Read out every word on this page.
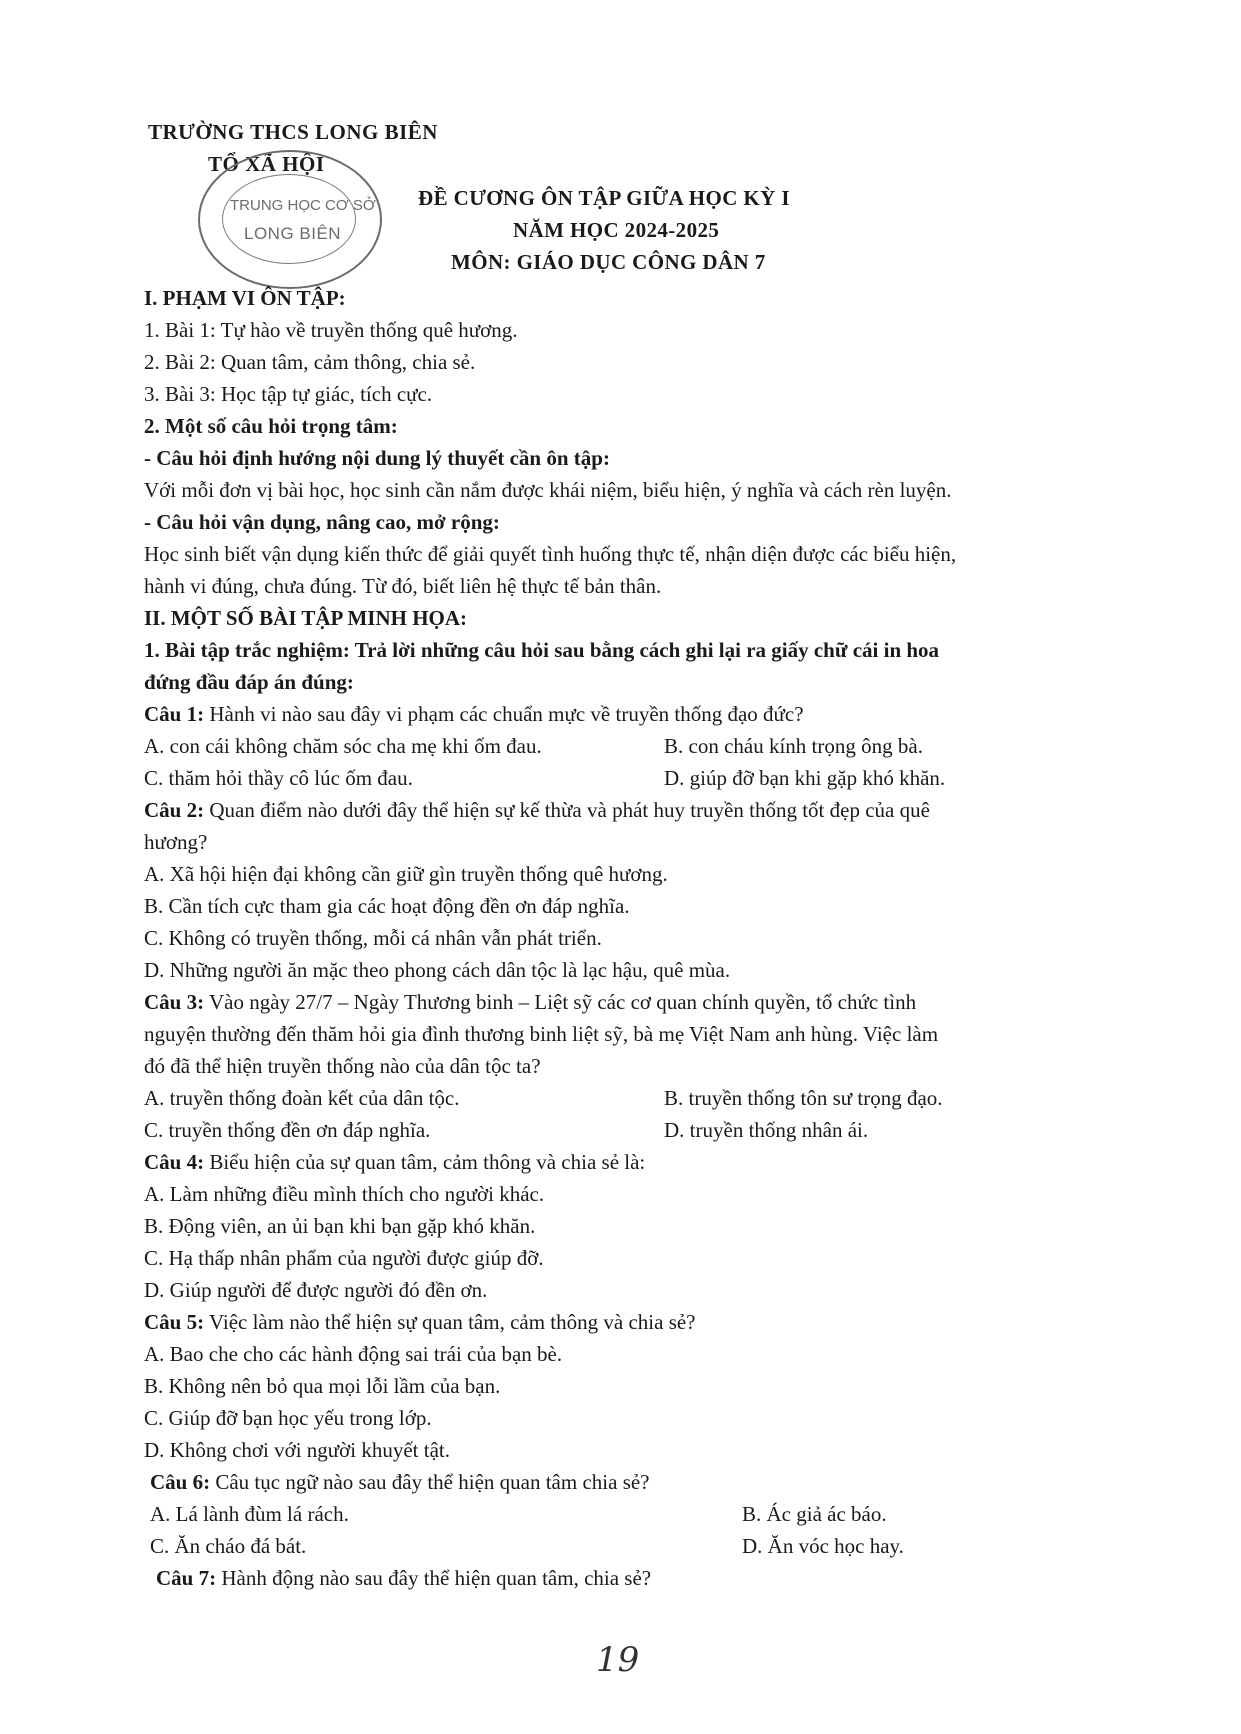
TRƯỜNG THCS LONG BIÊN
TỔ XÃ HỘI
TRUNG HỌC CƠ SỞ
LONG BIÊN
ĐỀ CƯƠNG ÔN TẬP GIỮA HỌC KỲ I
NĂM HỌC 2024-2025
MÔN: GIÁO DỤC CÔNG DÂN 7
I. PHẠM VI ÔN TẬP:
1. Bài 1: Tự hào về truyền thống quê hương.
2. Bài 2: Quan tâm, cảm thông, chia sẻ.
3. Bài 3: Học tập tự giác, tích cực.
2. Một số câu hỏi trọng tâm:
- Câu hỏi định hướng nội dung lý thuyết cần ôn tập:
Với mỗi đơn vị bài học, học sinh cần nắm được khái niệm, biểu hiện, ý nghĩa và cách rèn luyện.
- Câu hỏi vận dụng, nâng cao, mở rộng:
Học sinh biết vận dụng kiến thức để giải quyết tình huống thực tế, nhận diện được các biểu hiện,
hành vi đúng, chưa đúng. Từ đó, biết liên hệ thực tế bản thân.
II. MỘT SỐ BÀI TẬP MINH HỌA:
1. Bài tập trắc nghiệm: Trả lời những câu hỏi sau bằng cách ghi lại ra giấy chữ cái in hoa
đứng đầu đáp án đúng:
Câu 1: Hành vi nào sau đây vi phạm các chuẩn mực về truyền thống đạo đức?
A. con cái không chăm sóc cha mẹ khi ốm đau.	B. con cháu kính trọng ông bà.
C. thăm hỏi thầy cô lúc ốm đau.	D. giúp đỡ bạn khi gặp khó khăn.
Câu 2: Quan điểm nào dưới đây thể hiện sự kế thừa và phát huy truyền thống tốt đẹp của quê
hương?
A. Xã hội hiện đại không cần giữ gìn truyền thống quê hương.
B. Cần tích cực tham gia các hoạt động đền ơn đáp nghĩa.
C. Không có truyền thống, mỗi cá nhân vẫn phát triển.
D. Những người ăn mặc theo phong cách dân tộc là lạc hậu, quê mùa.
Câu 3: Vào ngày 27/7 – Ngày Thương binh – Liệt sỹ các cơ quan chính quyền, tổ chức tình
nguyện thường đến thăm hỏi gia đình thương binh liệt sỹ, bà mẹ Việt Nam anh hùng. Việc làm
đó đã thể hiện truyền thống nào của dân tộc ta?
A. truyền thống đoàn kết của dân tộc.	B. truyền thống tôn sư trọng đạo.
C. truyền thống đền ơn đáp nghĩa.	D. truyền thống nhân ái.
Câu 4: Biểu hiện của sự quan tâm, cảm thông và chia sẻ là:
A. Làm những điều mình thích cho người khác.
B. Động viên, an ủi bạn khi bạn gặp khó khăn.
C. Hạ thấp nhân phẩm của người được giúp đỡ.
D. Giúp người để được người đó đền ơn.
Câu 5: Việc làm nào thể hiện sự quan tâm, cảm thông và chia sẻ?
A. Bao che cho các hành động sai trái của bạn bè.
B. Không nên bỏ qua mọi lỗi lầm của bạn.
C. Giúp đỡ bạn học yếu trong lớp.
D. Không chơi với người khuyết tật.
Câu 6: Câu tục ngữ nào sau đây thể hiện quan tâm chia sẻ?
A. Lá lành đùm lá rách.	B. Ác giả ác báo.
C. Ăn cháo đá bát.	D. Ăn vóc học hay.
Câu 7: Hành động nào sau đây thể hiện quan tâm, chia sẻ?
19
